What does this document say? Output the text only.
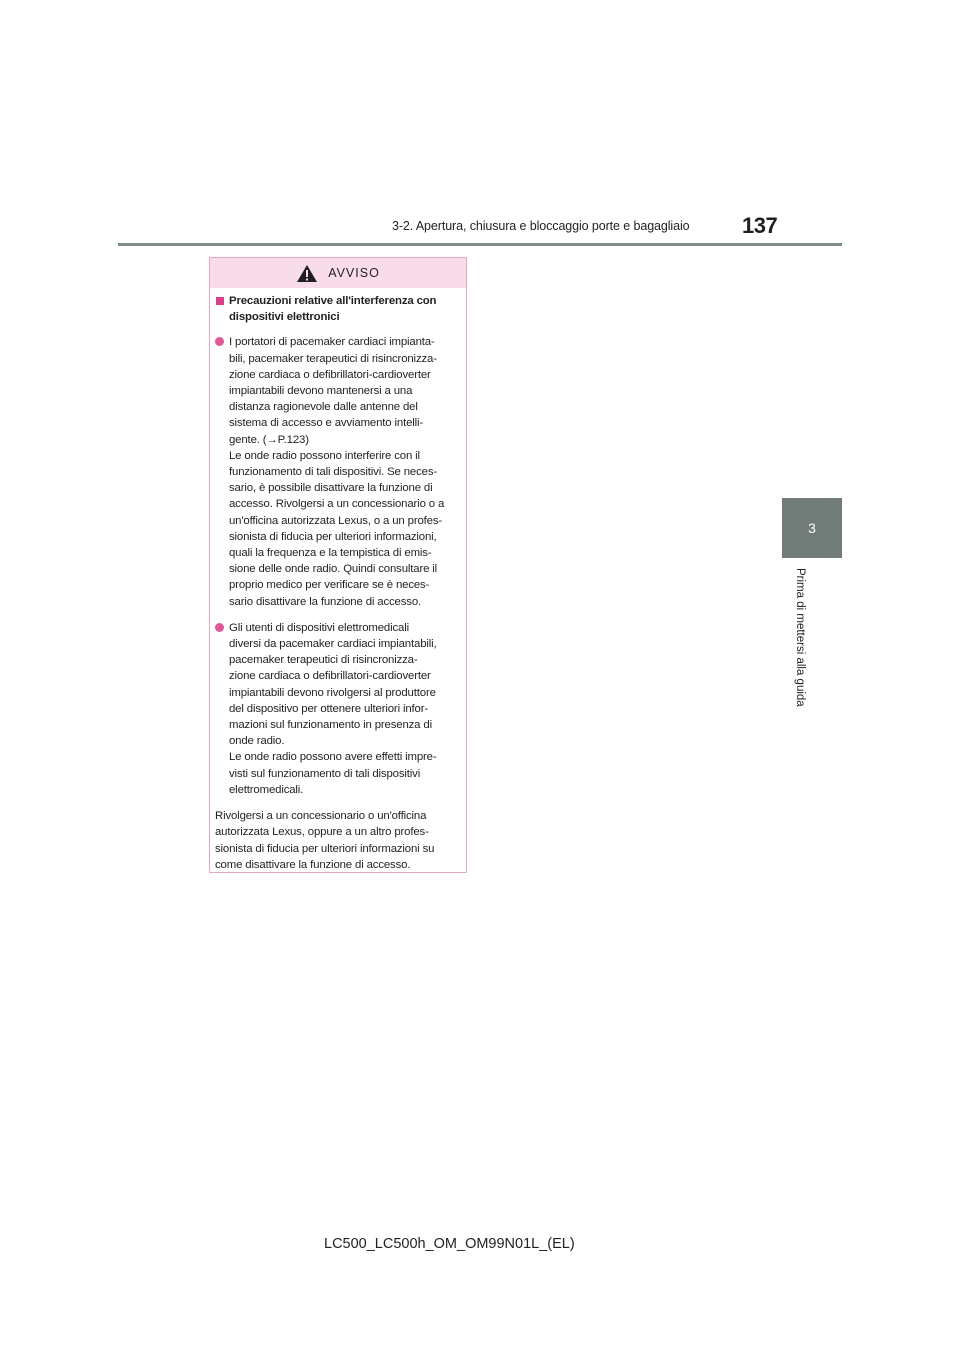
3-2. Apertura, chiusura e bloccaggio porte e bagagliaio 137
3
Prima di mettersi alla guida
AVVISO
Precauzioni relative all'interferenza con dispositivi elettronici
I portatori di pacemaker cardiaci impianta-
bili, pacemaker terapeutici di risincronizza-
zione cardiaca o defibrillatori-cardioverter
impiantabili devono mantenersi a una
distanza ragionevole dalle antenne del
sistema di accesso e avviamento intelli-
gente. (→P.123)
Le onde radio possono interferire con il
funzionamento di tali dispositivi. Se neces-
sario, è possibile disattivare la funzione di
accesso. Rivolgersi a un concessionario o a
un'officina autorizzata Lexus, o a un profes-
sionista di fiducia per ulteriori informazioni,
quali la frequenza e la tempistica di emis-
sione delle onde radio. Quindi consultare il
proprio medico per verificare se è neces-
sario disattivare la funzione di accesso.
Gli utenti di dispositivi elettromedicali
diversi da pacemaker cardiaci impiantabili,
pacemaker terapeutici di risincronizza-
zione cardiaca o defibrillatori-cardioverter
impiantabili devono rivolgersi al produttore
del dispositivo per ottenere ulteriori infor-
mazioni sul funzionamento in presenza di
onde radio.
Le onde radio possono avere effetti impre-
visti sul funzionamento di tali dispositivi
elettromedicali.
Rivolgersi a un concessionario o un'officina
autorizzata Lexus, oppure a un altro profes-
sionista di fiducia per ulteriori informazioni su
come disattivare la funzione di accesso.
LC500_LC500h_OM_OM99N01L_(EL)
